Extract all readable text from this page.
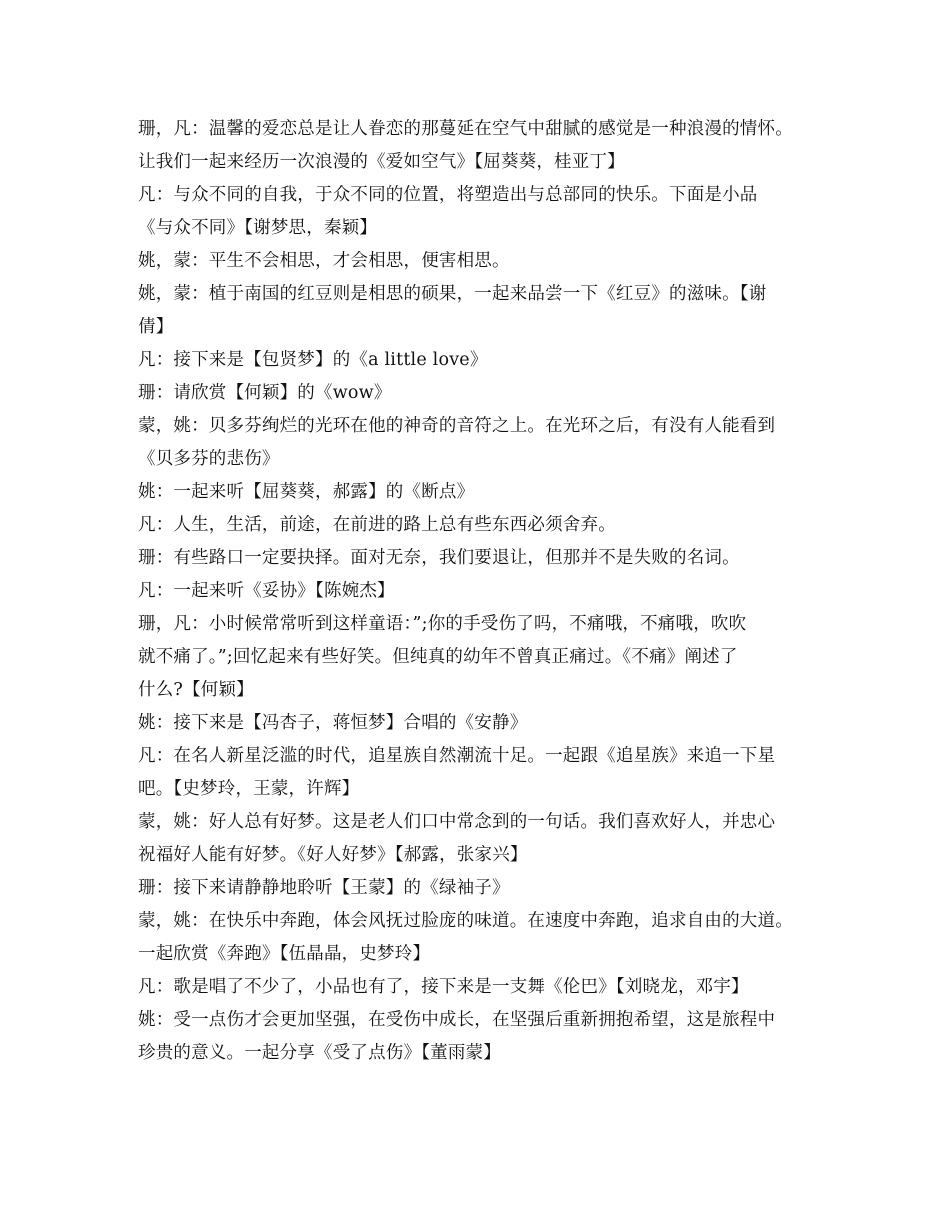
珊，凡：温馨的爱恋总是让人眷恋的那蔓延在空气中甜腻的感觉是一种浪漫的情怀。
让我们一起来经历一次浪漫的《爱如空气》【屈葵葵，桂亚丁】
凡：与众不同的自我，于众不同的位置，将塑造出与总部同的快乐。下面是小品
《与众不同》【谢梦思，秦颖】
姚，蒙：平生不会相思，才会相思，便害相思。
姚，蒙：植于南国的红豆则是相思的硕果，一起来品尝一下《红豆》的滋味。【谢
倩】
凡：接下来是【包贤梦】的《a little love》
珊：请欣赏【何颖】的《wow》
蒙，姚：贝多芬绚烂的光环在他的神奇的音符之上。在光环之后，有没有人能看到
《贝多芬的悲伤》
姚：一起来听【屈葵葵，郝露】的《断点》
凡：人生，生活，前途，在前进的路上总有些东西必须舍弃。
珊：有些路口一定要抉择。面对无奈，我们要退让，但那并不是失败的名词。
凡：一起来听《妥协》【陈婉杰】
珊，凡：小时候常常听到这样童语：”;你的手受伤了吗，不痛哦，不痛哦，吹吹
就不痛了。”;回忆起来有些好笑。但纯真的幼年不曾真正痛过。《不痛》阐述了
什么?【何颖】
姚：接下来是【冯杏子，蒋恒梦】合唱的《安静》
凡：在名人新星泛滥的时代，追星族自然潮流十足。一起跟《追星族》来追一下星
吧。【史梦玲，王蒙，许辉】
蒙，姚：好人总有好梦。这是老人们口中常念到的一句话。我们喜欢好人，并忠心
祝福好人能有好梦。《好人好梦》【郝露，张家兴】
珊：接下来请静静地聆听【王蒙】的《绿袖子》
蒙，姚：在快乐中奔跑，体会风抚过脸庞的味道。在速度中奔跑，追求自由的大道。
一起欣赏《奔跑》【伍晶晶，史梦玲】
凡：歌是唱了不少了，小品也有了，接下来是一支舞《伦巴》【刘晓龙，邓宇】
姚：受一点伤才会更加坚强，在受伤中成长，在坚强后重新拥抱希望，这是旅程中
珍贵的意义。一起分享《受了点伤》【董雨蒙】
